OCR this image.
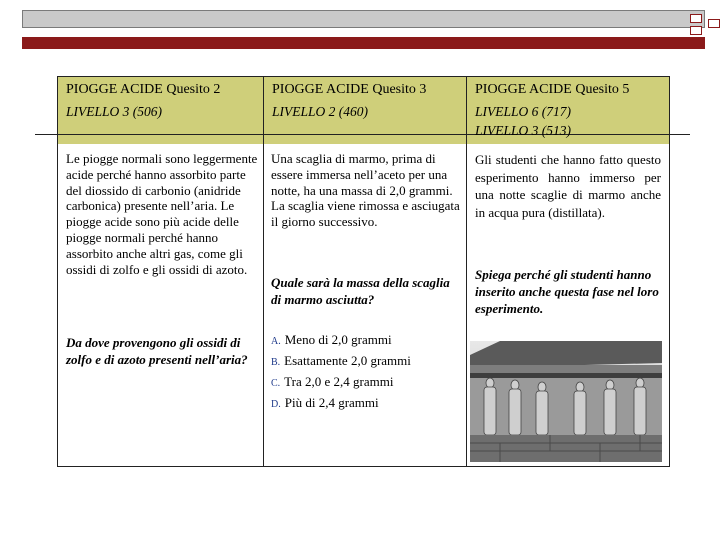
PIOGGE ACIDE Quesito 2
LIVELLO 3 (506)
PIOGGE ACIDE Quesito 3
LIVELLO 2 (460)
PIOGGE ACIDE Quesito 5
LIVELLO 6 (717)
LIVELLO 3 (513)
Le piogge normali sono leggermente acide perché hanno assorbito parte del diossido di carbonio (anidride carbonica) presente nell’aria. Le piogge acide sono più acide delle piogge normali perché hanno assorbito anche altri gas, come gli ossidi di zolfo e gli ossidi di azoto.
Da dove provengono gli ossidi di zolfo e di azoto presenti nell’aria?
Una scaglia di marmo, prima di essere immersa nell’aceto per una notte, ha una massa di 2,0 grammi.
La scaglia viene rimossa e asciugata il giorno successivo.
Quale sarà la massa della scaglia di marmo asciutta?
A. Meno di 2,0 grammi
B. Esattamente 2,0 grammi
C. Tra 2,0 e 2,4 grammi
D. Più di 2,4 grammi
Gli studenti che hanno fatto questo esperimento hanno immerso per una notte scaglie di marmo anche in acqua pura (distillata).
Spiega perché gli studenti hanno inserito anche questa fase nel loro esperimento.
